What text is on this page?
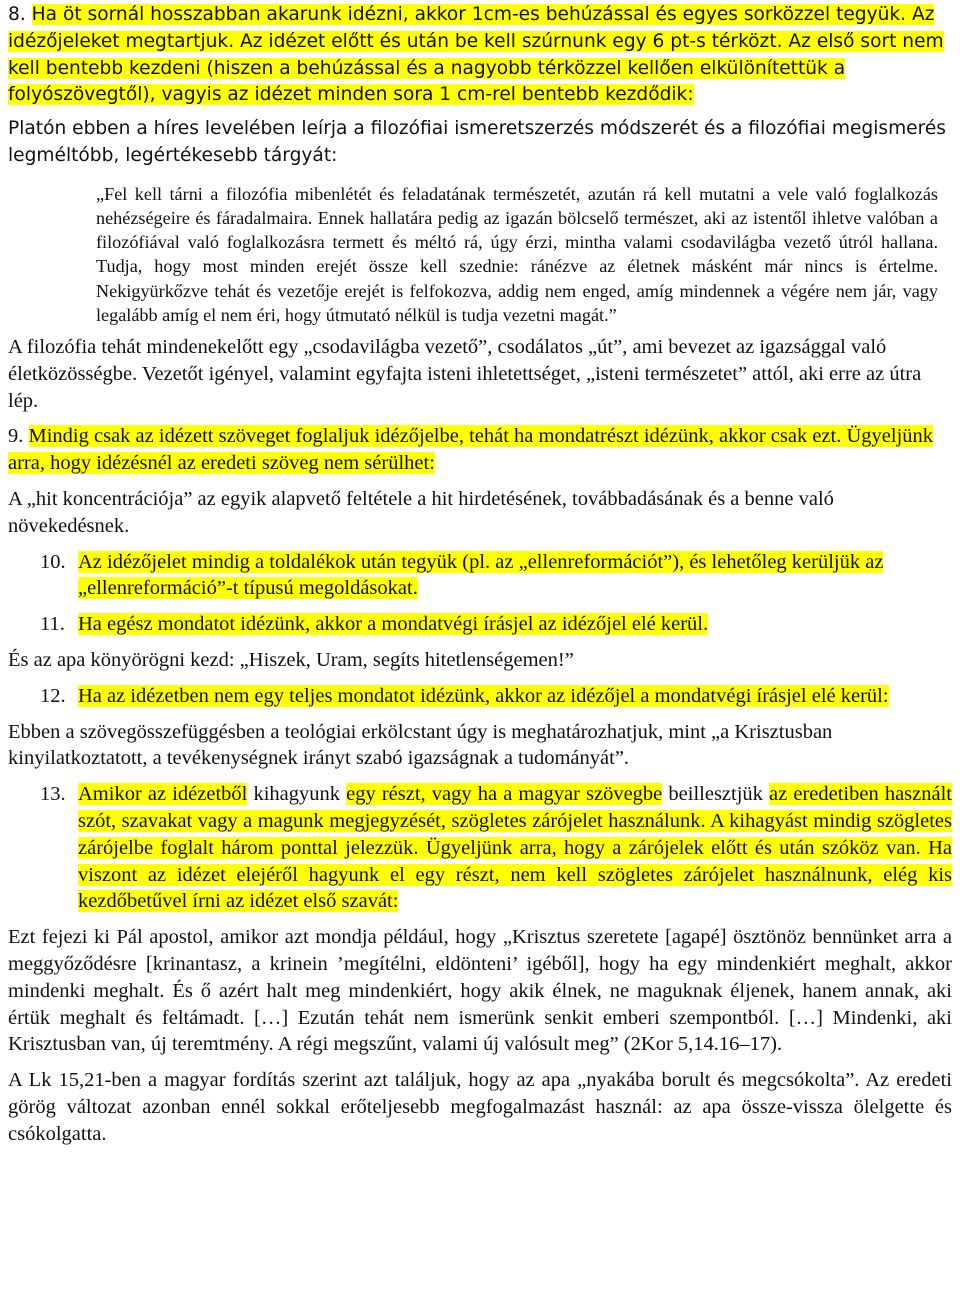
8. Ha öt sornál hosszabban akarunk idézni, akkor 1cm-es behúzással és egyes sorközzel tegyük. Az idézőjeleket megtartjuk. Az idézet előtt és után be kell szúrnunk egy 6 pt-s térközt. Az első sort nem kell bentebb kezdeni (hiszen a behúzással és a nagyobb térközzel kellően elkülönítettük a folyószövegtől), vagyis az idézet minden sora 1 cm-rel bentebb kezdődik:

Platón ebben a híres levelében leírja a filozófiai ismeretszerzés módszerét és a filozófiai megismerés legméltóbb, legértékesebb tárgyát:

„Fel kell tárni a filozófia mibenlétét és feladatának természetét, azután rá kell mutatni a vele való foglalkozás nehézségeire és fáradalmaira. Ennek hallatára pedig az igazán bölcselő természet, aki az istentől ihletve valóban a filozófiával való foglalkozásra termett és méltó rá, úgy érzi, mintha valami csodavilágba vezető útról hallana. Tudja, hogy most minden erejét össze kell szednie: ránézve az életnek másként már nincs is értelme. Nekigyürkőzve tehát és vezetője erejét is felfokozva, addig nem enged, amíg mindennek a végére nem jár, vagy legalább amíg el nem éri, hogy útmutató nélkül is tudja vezetni magát.”

A filozófia tehát mindenekelőtt egy „csodavilágba vezető”, csodálatos „út”, ami bevezet az igazsággal való életközösségbe. Vezetőt igényel, valamint egyfajta isteni ihletettséget, „isteni természetet” attól, aki erre az útra lép.

9. Mindig csak az idézett szöveget foglaljuk idézőjelbe, tehát ha mondatrészt idézünk, akkor csak ezt. Ügyeljünk arra, hogy idézésnél az eredeti szöveg nem sérülhet:

A „hit koncentrációja” az egyik alapvető feltétele a hit hirdetésének, továbbadásának és a benne való növekedésnek.

10. Az idézőjelet mindig a toldalékok után tegyük (pl. az „ellenreformációt”), és lehetőleg kerüljük az „ellenreformáció”-t típusú megoldásokat.
11. Ha egész mondatot idézünk, akkor a mondatvégi írásjel az idézőjel elé kerül.

És az apa könyörögni kezd: „Hiszek, Uram, segíts hitetlenségemen!”

12. Ha az idézetben nem egy teljes mondatot idézünk, akkor az idézőjel a mondatvégi írásjel elé kerül:

Ebben a szövegösszefüggésben a teológiai erkölcstant úgy is meghatározhatjuk, mint „a Krisztusban kinyilatkoztatott, a tevékenységnek irányt szabó igazságnak a tudományát”.

13. Amikor az idézetből kihagyunk egy részt, vagy ha a magyar szövegbe beillesztjük az eredetiben használt szót, szavakat vagy a magunk megjegyzését, szögletes zárójelet használunk. A kihagyást mindig szögletes zárójelbe foglalt három ponttal jelezzük. Ügyeljünk arra, hogy a zárójelek előtt és után szóköz van. Ha viszont az idézet elejéről hagyunk el egy részt, nem kell szögletes zárójelet használnunk, elég kis kezdőbetűvel írni az idézet első szavát:

Ezt fejezi ki Pál apostol, amikor azt mondja például, hogy „Krisztus szeretete [agapé] ösztönöz bennünket arra a meggyőződésre [krinantasz, a krinein ’megítélni, eldönteni’ igéből], hogy ha egy mindenkiért meghalt, akkor mindenki meghalt. És ő azért halt meg mindenkiért, hogy akik élnek, ne maguknak éljenek, hanem annak, aki értük meghalt és feltámadt. […] Ezután tehát nem ismerünk senkit emberi szempontból. […] Mindenki, aki Krisztusban van, új teremtmény. A régi megszűnt, valami új valósult meg” (2Kor 5,14.16–17).

A Lk 15,21-ben a magyar fordítás szerint azt találjuk, hogy az apa „nyakába borult és megcsókolta”. Az eredeti görög változat azonban ennél sokkal erőteljesebb megfogalmazást használ: az apa össze-vissza ölelgette és csókolgatta.
